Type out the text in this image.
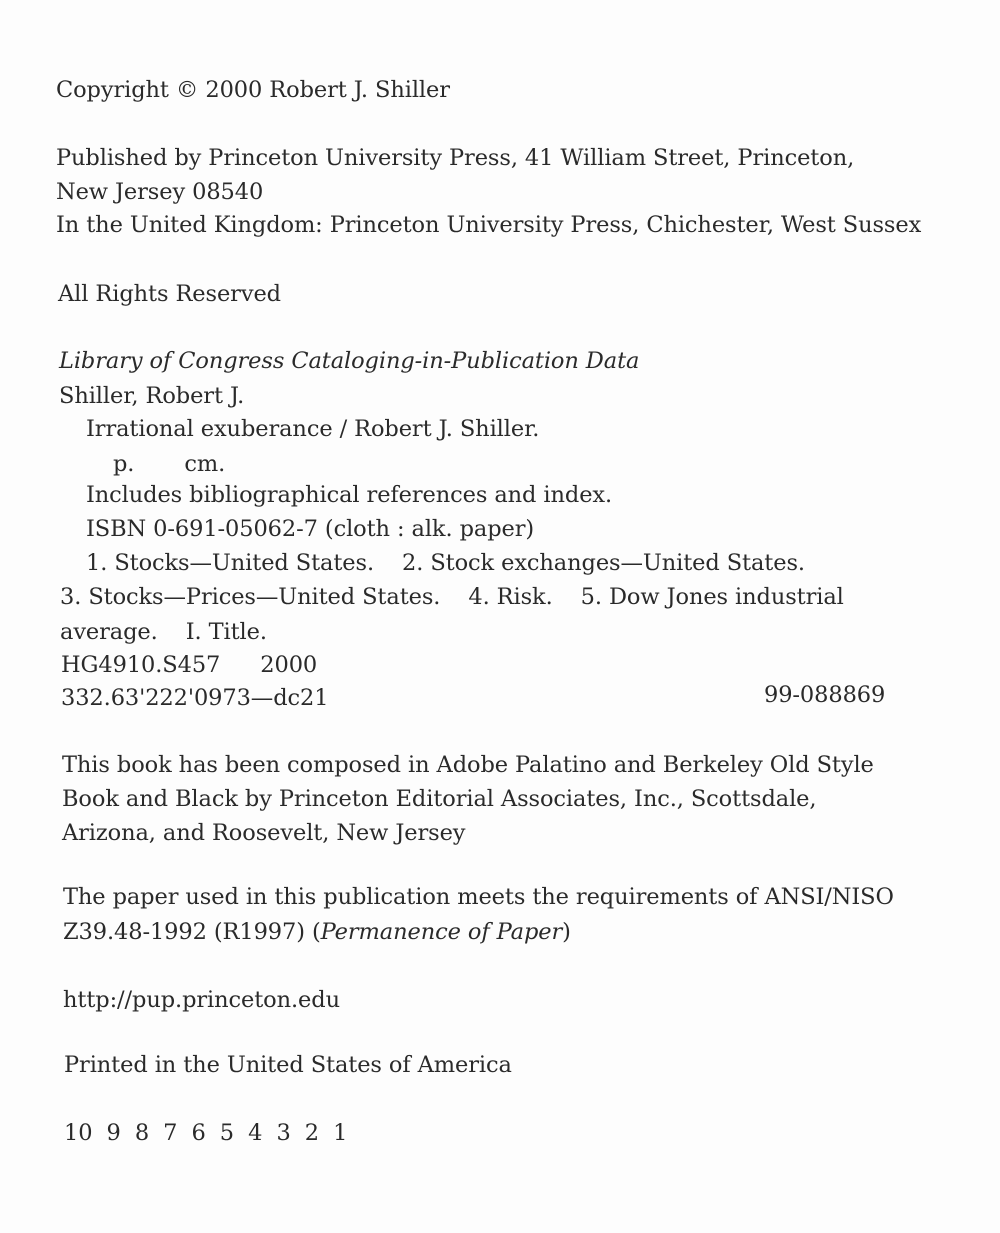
Copyright © 2000 Robert J. Shiller
Published by Princeton University Press, 41 William Street, Princeton,
New Jersey 08540
In the United Kingdom: Princeton University Press, Chichester, West Sussex
All Rights Reserved
Library of Congress Cataloging-in-Publication Data
Shiller, Robert J.
Irrational exuberance / Robert J. Shiller.
p. cm.
Includes bibliographical references and index.
ISBN 0-691-05062-7 (cloth : alk. paper)
1. Stocks—United States. 2. Stock exchanges—United States.
3. Stocks—Prices—United States. 4. Risk. 5. Dow Jones industrial
average. I. Title.
HG4910.S457 2000
332.63'222'0973—dc21	99-088869
This book has been composed in Adobe Palatino and Berkeley Old Style
Book and Black by Princeton Editorial Associates, Inc., Scottsdale,
Arizona, and Roosevelt, New Jersey
The paper used in this publication meets the requirements of ANSI/NISO
Z39.48-1992 (R1997) (Permanence of Paper)
http://pup.princeton.edu
Printed in the United States of America
10  9  8  7  6  5  4  3  2  1
